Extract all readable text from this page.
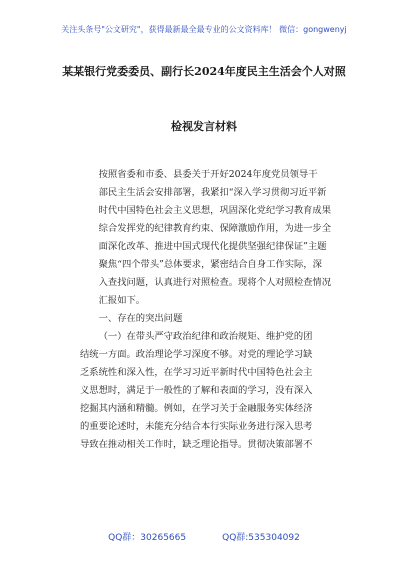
关注头条号"公文研究"，获得最新最全最专业的公文资料库！ 微信：gongwenyj
某某银行党委委员、副行长2024年度民主生活会个人对照
检视发言材料

按照省委和市委、县委关于开好2024年度党员领导干
部民主生活会安排部署，我紧扣“深入学习贯彻习近平新
时代中国特色社会主义思想，巩固深化党纪学习教育成果
综合发挥党的纪律教育约束、保障激励作用，为进一步全
面深化改革、推进中国式现代化提供坚强纪律保证”主题
聚焦“四个带头”总体要求，紧密结合自身工作实际，深
入查找问题，认真进行对照检查。现将个人对照检查情况
汇报如下。

一、存在的突出问题

（一）在带头严守政治纪律和政治规矩、维护党的团
结统一方面。政治理论学习深度不够。对党的理论学习缺
乏系统性和深入性，在学习习近平新时代中国特色社会主
义思想时，满足于一般性的了解和表面的学习，没有深入
挖掘其内涵和精髓。例如，在学习关于金融服务实体经济
的重要论述时，未能充分结合本行实际业务进行深入思考
导致在推动相关工作时，缺乏理论指导。贯彻决策部署不

QQ群：30265665	QQ群:535304092
